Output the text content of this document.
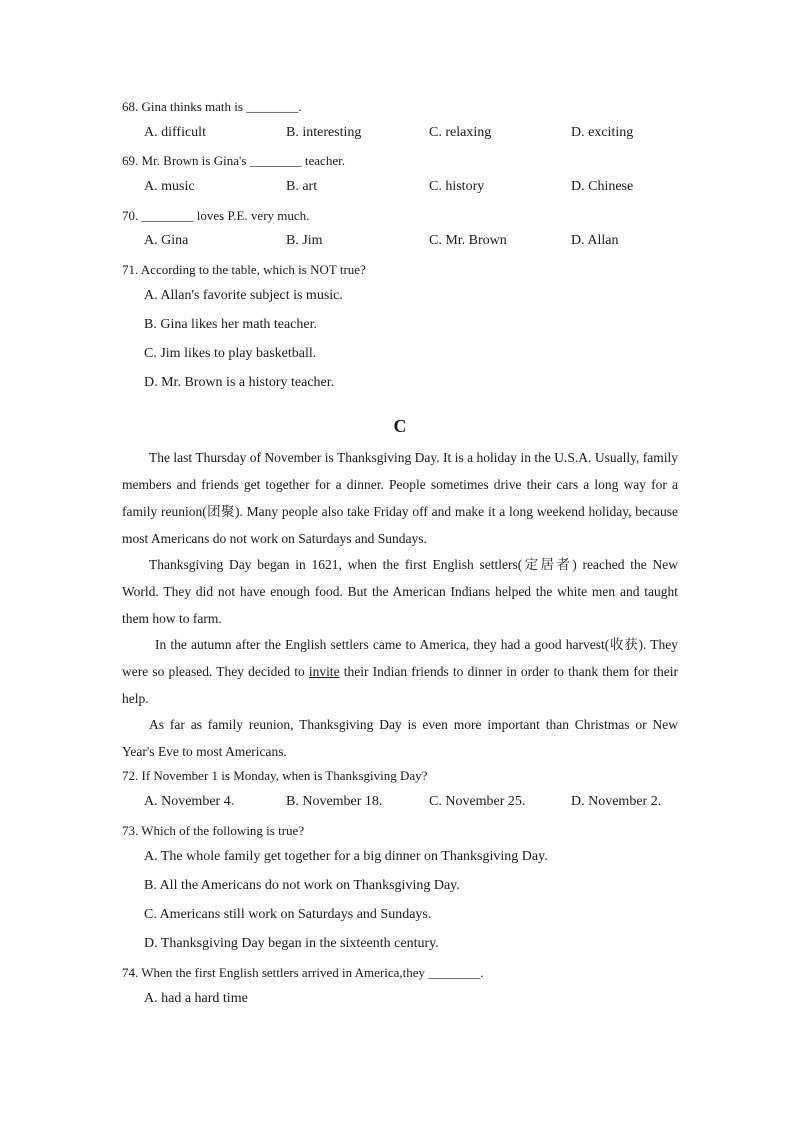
68. Gina thinks math is ________.
A. difficult	B. interesting	C. relaxing	D. exciting
69. Mr. Brown is Gina's ________ teacher.
A. music	B. art	C. history	D. Chinese
70. ________ loves P.E. very much.
A. Gina	B. Jim	C. Mr. Brown	D. Allan
71. According to the table, which is NOT true?
A. Allan's favorite subject is music.
B. Gina likes her math teacher.
C. Jim likes to play basketball.
D. Mr. Brown is a history teacher.
C

The last Thursday of November is Thanksgiving Day. It is a holiday in the U.S.A. Usually, family members and friends get together for a dinner. People sometimes drive their cars a long way for a family reunion(团聚). Many people also take Friday off and make it a long weekend holiday, because most Americans do not work on Saturdays and Sundays.

Thanksgiving Day began in 1621, when the first English settlers(定居者) reached the New World. They did not have enough food. But the American Indians helped the white men and taught them how to farm.

In the autumn after the English settlers came to America, they had a good harvest(收获). They were so pleased. They decided to invite their Indian friends to dinner in order to thank them for their help.

As far as family reunion, Thanksgiving Day is even more important than Christmas or New Year's Eve to most Americans.

72. If November 1 is Monday, when is Thanksgiving Day?
A. November 4.	B. November 18.	C. November 25.	D. November 2.
73. Which of the following is true?
A. The whole family get together for a big dinner on Thanksgiving Day.
B. All the Americans do not work on Thanksgiving Day.
C. Americans still work on Saturdays and Sundays.
D. Thanksgiving Day began in the sixteenth century.
74. When the first English settlers arrived in America,they ________.
A. had a hard time
